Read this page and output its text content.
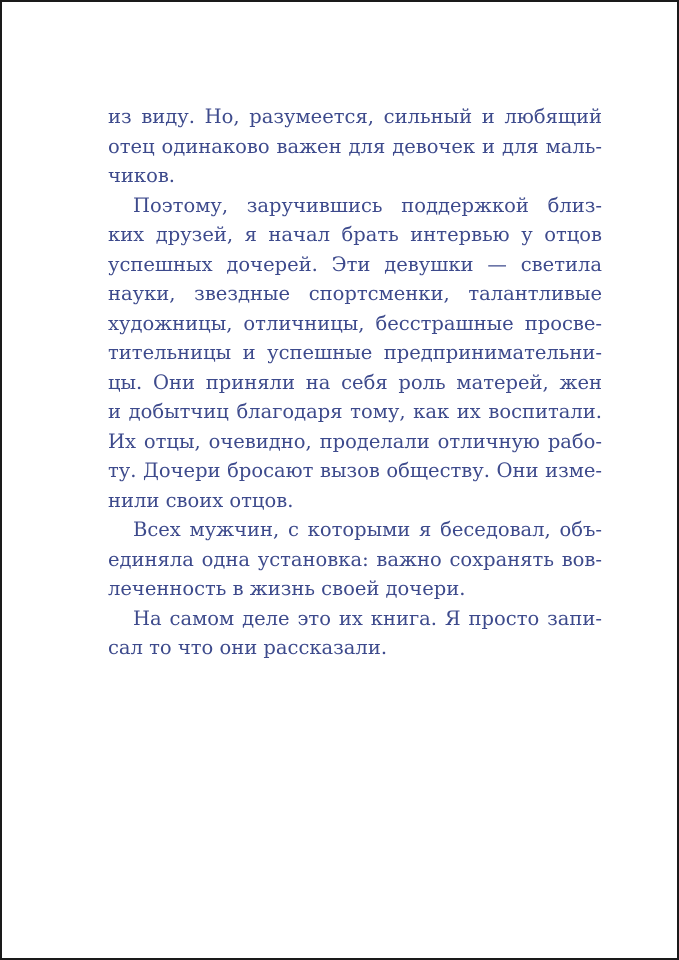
из виду. Но, разумеется, сильный и любящий
отец одинаково важен для девочек и для маль-
чиков.
Поэтому, заручившись поддержкой близ-
ких друзей, я начал брать интервью у отцов
успешных дочерей. Эти девушки — светила
науки, звездные спортсменки, талантливые
художницы, отличницы, бесстрашные просве-
тительницы и успешные предпринимательни-
цы. Они приняли на себя роль матерей, жен
и добытчиц благодаря тому, как их воспитали.
Их отцы, очевидно, проделали отличную рабо-
ту. Дочери бросают вызов обществу. Они изме-
нили своих отцов.
Всех мужчин, с которыми я беседовал, объ-
единяла одна установка: важно сохранять вов-
леченность в жизнь своей дочери.
На самом деле это их книга. Я просто запи-
сал то что они рассказали.
